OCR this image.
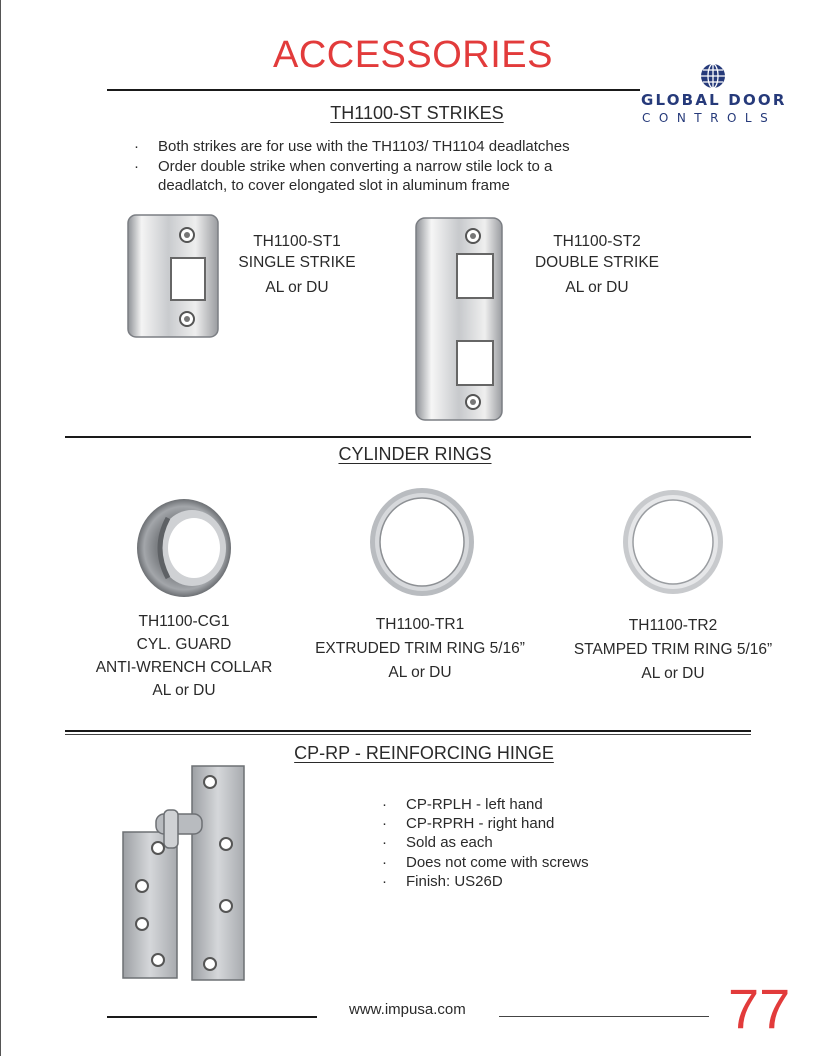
ACCESSORIES
GLOBAL DOOR
CONTROLS
TH1100-ST STRIKES
· Both strikes are for use with the TH1103/ TH1104 deadlatches
· Order double strike when converting a narrow stile lock to a deadlatch, to cover elongated slot in aluminum frame
TH1100-ST1
SINGLE STRIKE
AL or DU
TH1100-ST2
DOUBLE STRIKE
AL or DU
CYLINDER RINGS
TH1100-CG1
CYL. GUARD
ANTI-WRENCH COLLAR
AL or DU
TH1100-TR1
EXTRUDED TRIM RING 5/16”
AL or DU
TH1100-TR2
STAMPED TRIM RING 5/16”
AL or DU
CP-RP - REINFORCING HINGE
· CP-RPLH - left hand
· CP-RPRH - right hand
· Sold as each
· Does not come with screws
· Finish: US26D
www.impusa.com	77
